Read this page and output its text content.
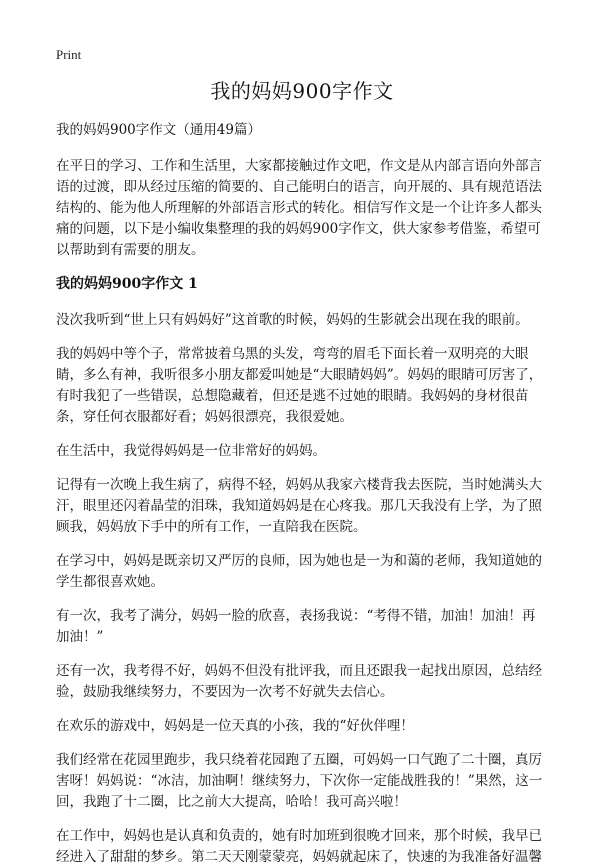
Print
我的妈妈900字作文

我的妈妈900字作文（通用49篇）

在平日的学习、工作和生活里，大家都接触过作文吧，作文是从内部言语向外部言语的过渡，即从经过压缩的简要的、自己能明白的语言，向开展的、具有规范语法结构的、能为他人所理解的外部语言形式的转化。相信写作文是一个让许多人都头痛的问题，以下是小编收集整理的我的妈妈900字作文，供大家参考借鉴，希望可以帮助到有需要的朋友。

我的妈妈900字作文 1

没次我听到“世上只有妈妈好”这首歌的时候，妈妈的生影就会出现在我的眼前。

我的妈妈中等个子，常常披着乌黑的头发，弯弯的眉毛下面长着一双明亮的大眼睛，多么有神，我听很多小朋友都爱叫她是“大眼睛妈妈”。妈妈的眼睛可厉害了，有时我犯了一些错误，总想隐藏着，但还是逃不过她的眼睛。我妈妈的身材很苗条，穿任何衣服都好看；妈妈很漂亮，我很爱她。

在生活中，我觉得妈妈是一位非常好的妈妈。

记得有一次晚上我生病了，病得不轻，妈妈从我家六楼背我去医院，当时她满头大汗，眼里还闪着晶莹的泪珠，我知道妈妈是在心疼我。那几天我没有上学，为了照顾我，妈妈放下手中的所有工作，一直陪我在医院。

在学习中，妈妈是既亲切又严厉的良师，因为她也是一为和蔼的老师，我知道她的学生都很喜欢她。

有一次，我考了满分，妈妈一脸的欣喜，表扬我说：“考得不错，加油！加油！再加油！”

还有一次，我考得不好，妈妈不但没有批评我，而且还跟我一起找出原因，总结经验，鼓励我继续努力，不要因为一次考不好就失去信心。

在欢乐的游戏中，妈妈是一位天真的小孩，我的“好伙伴哩！

我们经常在花园里跑步，我只绕着花园跑了五圈，可妈妈一口气跑了二十圈，真厉害呀！妈妈说：“冰洁，加油啊！继续努力，下次你一定能战胜我的！”果然，这一回，我跑了十二圈，比之前大大提高，哈哈！我可高兴啦！

在工作中，妈妈也是认真和负责的，她有时加班到很晚才回来，那个时候，我早已经进入了甜甜的梦乡。第二天天刚蒙蒙亮，妈妈就起床了，快速的为我准备好温馨
